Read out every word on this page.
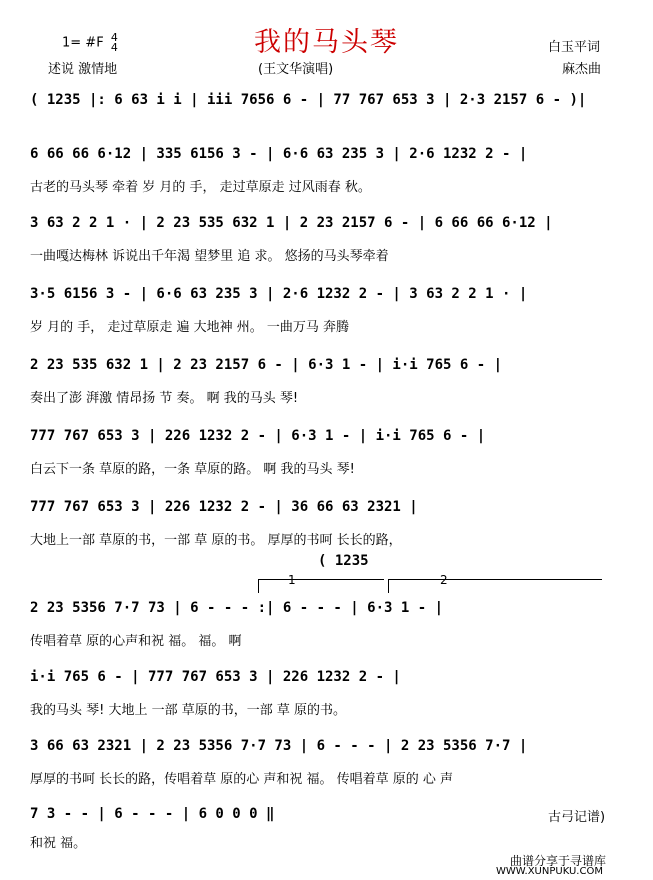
我的马头琴
1= #F 4
4
述说 激情地	(王文华演唱)
白玉平词
麻杰曲
( 1235 |: 6 63 i i | iii 7656 6 - | 77 767 653 3 | 2·3 2157 6 - )|
6 66 66 6·12 | 335 6156 3 - | 6·6 63 235 3 | 2·6 1232 2 - |
古老的马头琴 牵着 岁 月的 手， 走过草原走 过风雨春 秋。
3 63 2 2 1 · | 2 23 535 632 1 | 2 23 2157 6 - | 6 66 66 6·12 |
一曲嘎达梅林 诉说出千年渴 望梦里 追 求。 悠扬的马头琴牵着
3·5 6156 3 - | 6·6 63 235 3 | 2·6 1232 2 - | 3 63 2 2 1 · |
岁 月的 手， 走过草原走 遍 大地神 州。 一曲万马 奔腾
2 23 535 632 1 | 2 23 2157 6 - | 6·3 1 - | i·i 765 6 - |
奏出了澎 湃激 情昂扬 节 奏。 啊 我的马头 琴!
777 767 653 3 | 226 1232 2 - | 6·3 1 - | i·i 765 6 - |
白云下一条 草原的路，一条 草原的路。 啊 我的马头 琴!
777 767 653 3 | 226 1232 2 - | 36 66 63 2321 |
大地上一部 草原的书，一部 草 原的书。 厚厚的书呵 长长的路，
( 1235
1	2
2 23 5356 7·7 73 | 6 - - - :| 6 - - - | 6·3 1 - |
传唱着草 原的心声和祝 福。 福。 啊
i·i 765 6 - | 777 767 653 3 | 226 1232 2 - |
我的马头 琴! 大地上 一部 草原的书，一部 草 原的书。
3 66 63 2321 | 2 23 5356 7·7 73 | 6 - - - | 2 23 5356 7·7 |
厚厚的书呵 长长的路，传唱着草 原的心 声和祝 福。 传唱着草 原的 心 声
7 3 - - | 6 - - - | 6 0 0 0 ‖
和祝 福。
古弓记谱)
曲谱分享于寻谱库
WWW.XUNPUKU.COM
